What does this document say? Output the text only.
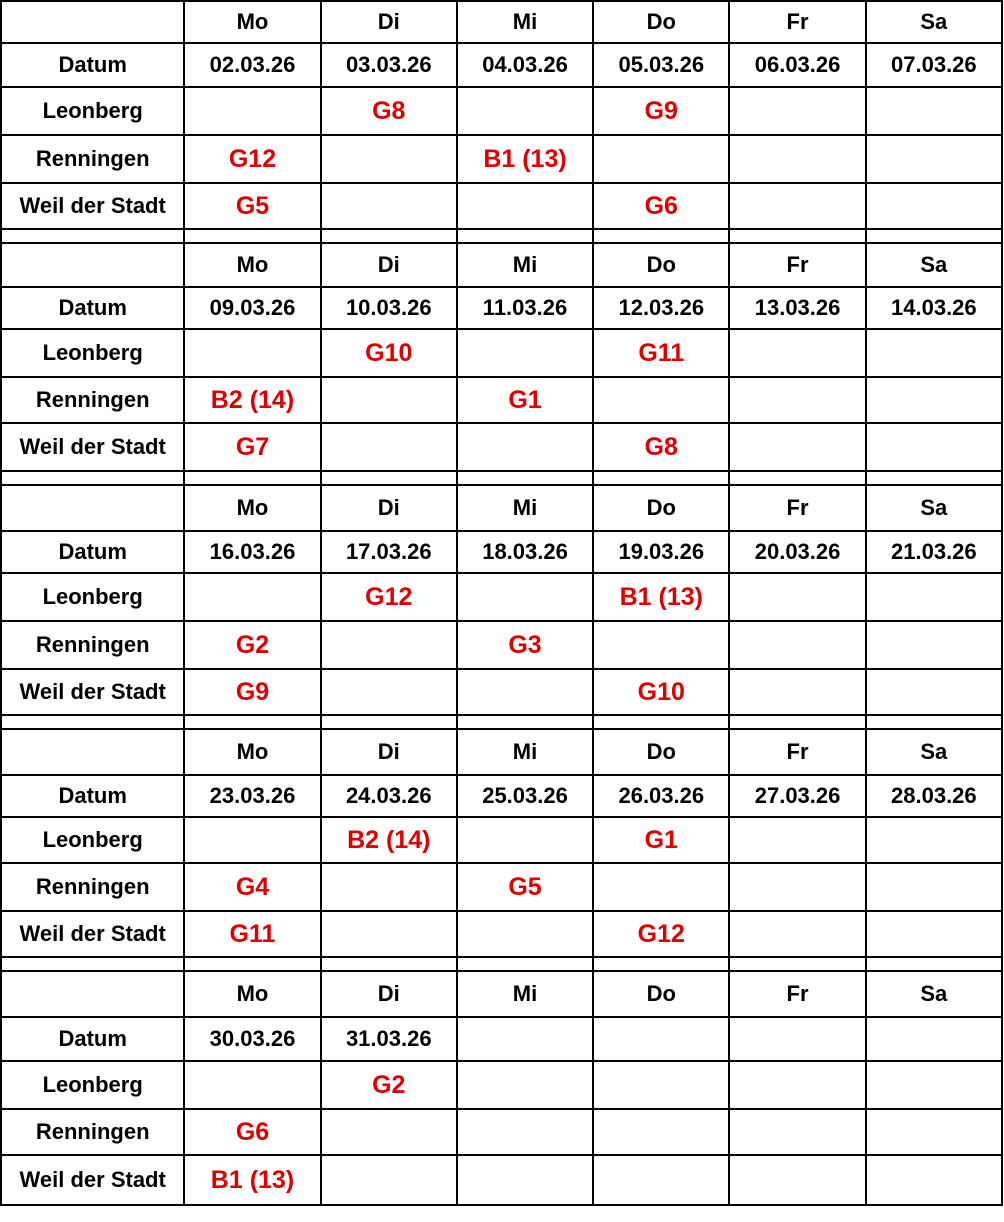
	Mo	Di	Mi	Do	Fr	Sa
Datum	02.03.26	03.03.26	04.03.26	05.03.26	06.03.26	07.03.26
Leonberg		G8		G9		
Renningen	G12		B1 (13)			
Weil der Stadt	G5			G6		

	Mo	Di	Mi	Do	Fr	Sa
Datum	09.03.26	10.03.26	11.03.26	12.03.26	13.03.26	14.03.26
Leonberg		G10		G11		
Renningen	B2 (14)		G1			
Weil der Stadt	G7			G8		

	Mo	Di	Mi	Do	Fr	Sa
Datum	16.03.26	17.03.26	18.03.26	19.03.26	20.03.26	21.03.26
Leonberg		G12		B1 (13)		
Renningen	G2		G3			
Weil der Stadt	G9			G10		

	Mo	Di	Mi	Do	Fr	Sa
Datum	23.03.26	24.03.26	25.03.26	26.03.26	27.03.26	28.03.26
Leonberg		B2 (14)		G1		
Renningen	G4		G5			
Weil der Stadt	G11			G12		

	Mo	Di	Mi	Do	Fr	Sa
Datum	30.03.26	31.03.26				
Leonberg		G2				
Renningen	G6					
Weil der Stadt	B1 (13)					
